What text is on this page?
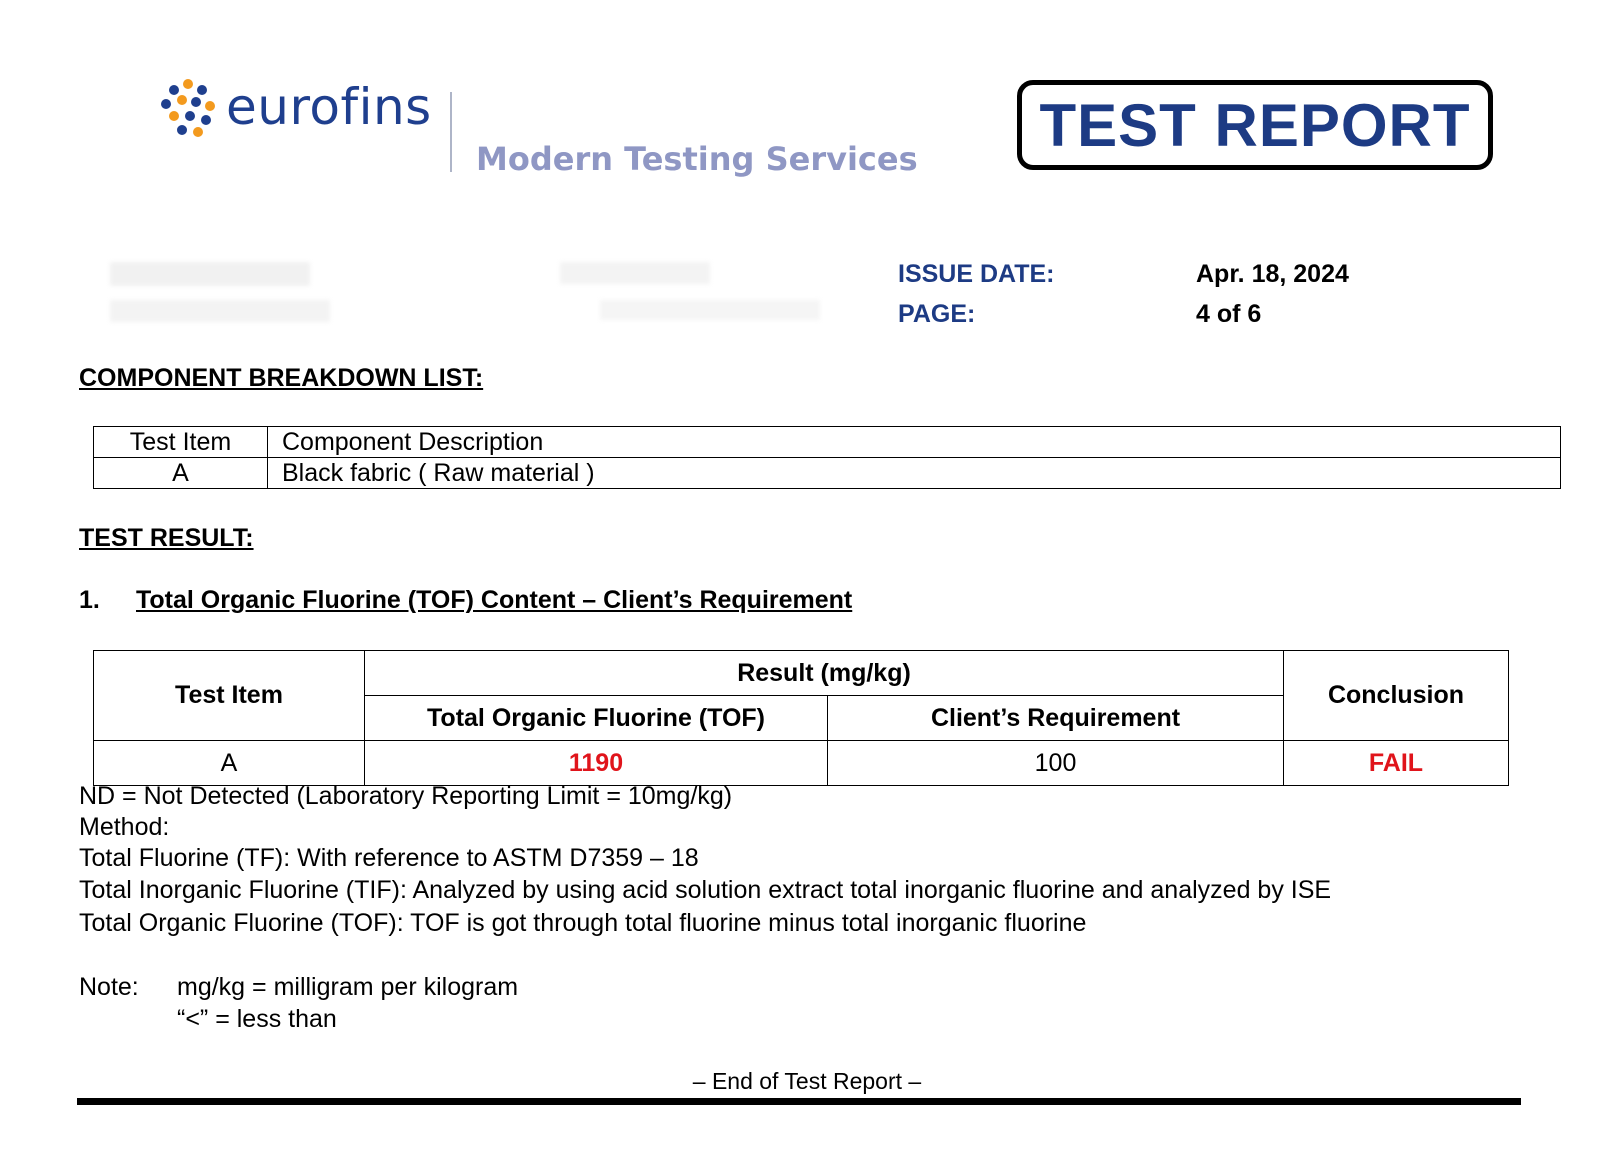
eurofins
Modern Testing Services
TEST REPORT
ISSUE DATE:	Apr. 18, 2024
PAGE:	4 of 6
COMPONENT BREAKDOWN LIST:
Test Item	Component Description
A	Black fabric ( Raw material )
TEST RESULT:
1. Total Organic Fluorine (TOF) Content – Client’s Requirement
Test Item	Result (mg/kg)		Conclusion
	Total Organic Fluorine (TOF)	Client’s Requirement	
A	1190	100	FAIL
ND = Not Detected (Laboratory Reporting Limit = 10mg/kg)
Method:
Total Fluorine (TF): With reference to ASTM D7359 – 18
Total Inorganic Fluorine (TIF): Analyzed by using acid solution extract total inorganic fluorine and analyzed by ISE
Total Organic Fluorine (TOF): TOF is got through total fluorine minus total inorganic fluorine
Note: mg/kg = milligram per kilogram
“<” = less than
– End of Test Report –
